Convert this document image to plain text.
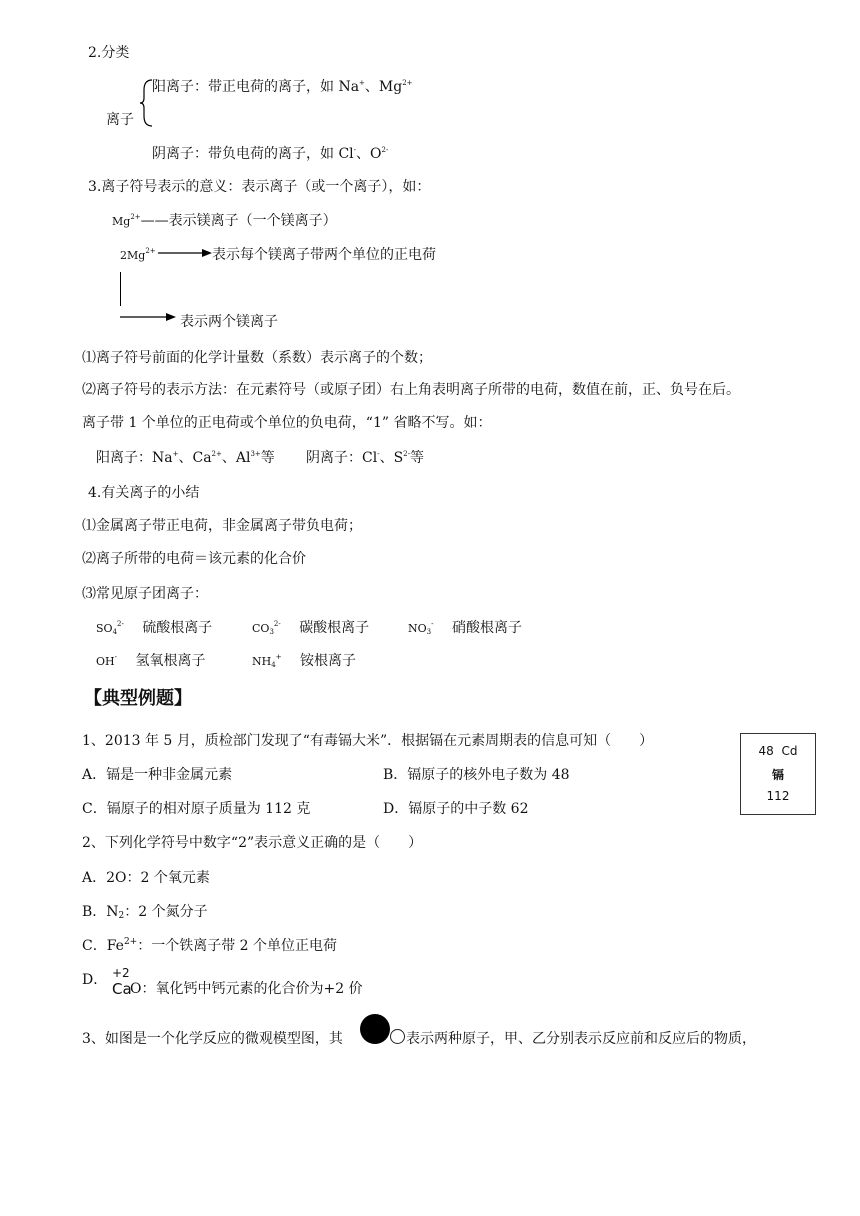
2.分类
离子
阳离子：带正电荷的离子，如 Na+、$Mg^{2+}$
阴离子：带负电荷的离子，如 Cl-、$O^{2-}$
3.离子符号表示的意义：表示离子（或一个离子），如：
$Mg^{2+}——$表示镁离子（一个镁离子）
$2Mg^{2+}$	表示每个镁离子带两个单位的正电荷
表示两个镁离子
⑴离子符号前面的化学计量数（系数）表示离子的个数；
⑵离子符号的表示方法：在元素符号（或原子团）右上角表明离子所带的电荷，数值在前，正、负号在后。
离子带 1 个单位的正电荷或个单位的负电荷，“1” 省略不写。如：
阳离子：Na+、$Ca^{2+}$、$Al^{3+}$等 阴离子：Cl-、$S^{2-}$等
4.有关离子的小结
⑴金属离子带正电荷，非金属离子带负电荷；
⑵离子所带的电荷＝该元素的化合价
⑶常见原子团离子：
$SO_4^{2-}$ 硫酸根离子	$CO_3^{2-}$ 碳酸根离子	$NO_3^-$ 硝酸根离子
OH- 氢氧根离子	$NH_4^+$ 铵根离子
【典型例题】
1、2013 年 5 月，质检部门发现了“有毒镉大米”．根据镉在元素周期表的信息可知（　　）
A．镉是一种非金属元素	B．镉原子的核外电子数为 48
C．镉原子的相对原子质量为 112 克	D．镉原子的中子数 62
48 Cd
镉
112
2、下列化学符号中数字“2”表示意义正确的是（　　）
A．2O：2 个氧元素
B．$N_2$：2 个氮分子
C．$Fe^{2+}$：一个铁离子带 2 个单位正电荷
D． +2
Ca
O：氧化钙中钙元素的化合价为+2 价
3、如图是一个化学反应的微观模型图，其	表示两种原子，甲、乙分别表示反应前和反应后的物质，
